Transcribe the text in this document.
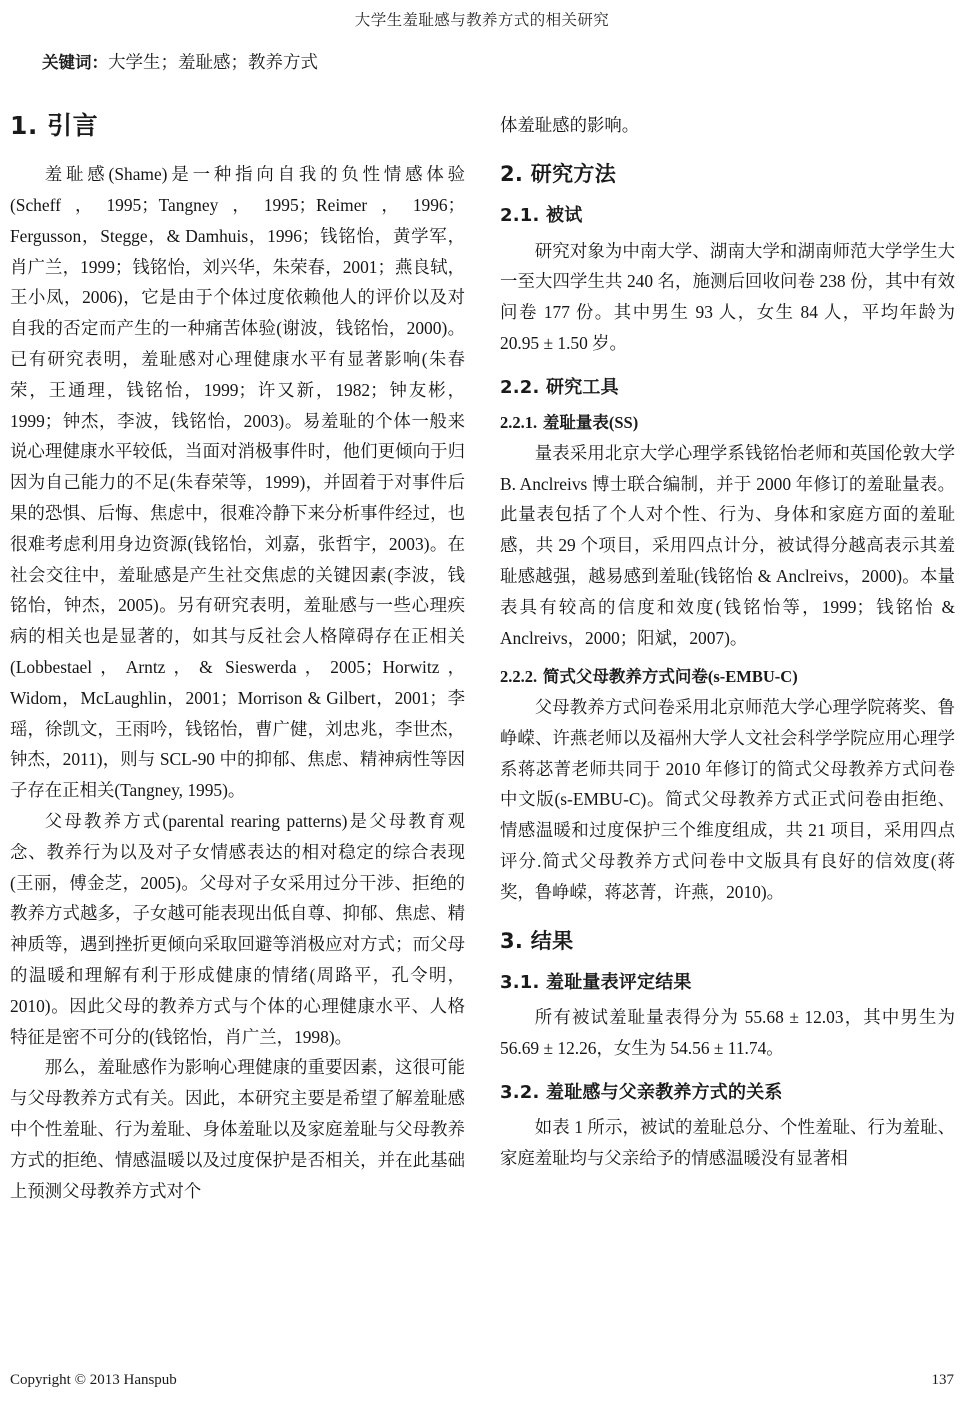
大学生羞耻感与教养方式的相关研究
关键词：大学生；羞耻感；教养方式
1. 引言

羞耻感(Shame)是一种指向自我的负性情感体验(Scheff，1995；Tangney，1995；Reimer，1996；Fergusson，Stegge，& Damhuis，1996；钱铭怡，黄学军，肖广兰，1999；钱铭怡，刘兴华，朱荣春，2001；燕良轼，王小凤，2006)，它是由于个体过度依赖他人的评价以及对自我的否定而产生的一种痛苦体验(谢波，钱铭怡，2000)。已有研究表明，羞耻感对心理健康水平有显著影响(朱春荣，王通理，钱铭怡，1999；许又新，1982；钟友彬，1999；钟杰，李波，钱铭怡，2003)。易羞耻的个体一般来说心理健康水平较低，当面对消极事件时，他们更倾向于归因为自己能力的不足(朱春荣等，1999)，并固着于对事件后果的恐惧、后悔、焦虑中，很难冷静下来分析事件经过，也很难考虑利用身边资源(钱铭怡，刘嘉，张哲宇，2003)。在社会交往中，羞耻感是产生社交焦虑的关键因素(李波，钱铭怡，钟杰，2005)。另有研究表明，羞耻感与一些心理疾病的相关也是显著的，如其与反社会人格障碍存在正相关(Lobbestael，Arntz，& Sieswerda，2005；Horwitz，Widom，McLaughlin，2001；Morrison & Gilbert，2001；李瑶，徐凯文，王雨吟，钱铭怡，曹广健，刘忠兆，李世杰，钟杰，2011)，则与 SCL-90 中的抑郁、焦虑、精神病性等因子存在正相关(Tangney, 1995)。

父母教养方式(parental rearing patterns)是父母教育观念、教养行为以及对子女情感表达的相对稳定的综合表现(王丽，傅金芝，2005)。父母对子女采用过分干涉、拒绝的教养方式越多，子女越可能表现出低自尊、抑郁、焦虑、精神质等，遇到挫折更倾向采取回避等消极应对方式；而父母的温暖和理解有利于形成健康的情绪(周路平，孔令明，2010)。因此父母的教养方式与个体的心理健康水平、人格特征是密不可分的(钱铭怡，肖广兰，1998)。

那么，羞耻感作为影响心理健康的重要因素，这很可能与父母教养方式有关。因此，本研究主要是希望了解羞耻感中个性羞耻、行为羞耻、身体羞耻以及家庭羞耻与父母教养方式的拒绝、情感温暖以及过度保护是否相关，并在此基础上预测父母教养方式对个

体羞耻感的影响。

2. 研究方法
2.1. 被试

研究对象为中南大学、湖南大学和湖南师范大学学生大一至大四学生共 240 名，施测后回收问卷 238 份，其中有效问卷 177 份。其中男生 93 人，女生 84 人，平均年龄为 20.95 ± 1.50 岁。

2.2. 研究工具
2.2.1. 羞耻量表(SS)

量表采用北京大学心理学系钱铭怡老师和英国伦敦大学 B. Anclreivs 博士联合编制，并于 2000 年修订的羞耻量表。此量表包括了个人对个性、行为、身体和家庭方面的羞耻感，共 29 个项目，采用四点计分，被试得分越高表示其羞耻感越强，越易感到羞耻(钱铭怡 & Anclreivs，2000)。本量表具有较高的信度和效度(钱铭怡等，1999；钱铭怡 & Anclreivs，2000；阳斌，2007)。

2.2.2. 简式父母教养方式问卷(s-EMBU-C)

父母教养方式问卷采用北京师范大学心理学院蒋奖、鲁峥嵘、许燕老师以及福州大学人文社会科学学院应用心理学系蒋苾菁老师共同于 2010 年修订的简式父母教养方式问卷中文版(s-EMBU-C)。简式父母教养方式正式问卷由拒绝、情感温暖和过度保护三个维度组成，共 21 项目，采用四点评分.简式父母教养方式问卷中文版具有良好的信效度(蒋奖，鲁峥嵘，蒋苾菁，许燕，2010)。

3. 结果
3.1. 羞耻量表评定结果

所有被试羞耻量表得分为 55.68 ± 12.03，其中男生为 56.69 ± 12.26，女生为 54.56 ± 11.74。

3.2. 羞耻感与父亲教养方式的关系

如表 1 所示，被试的羞耻总分、个性羞耻、行为羞耻、家庭羞耻均与父亲给予的情感温暖没有显著相

Copyright © 2013 Hanspub	137
